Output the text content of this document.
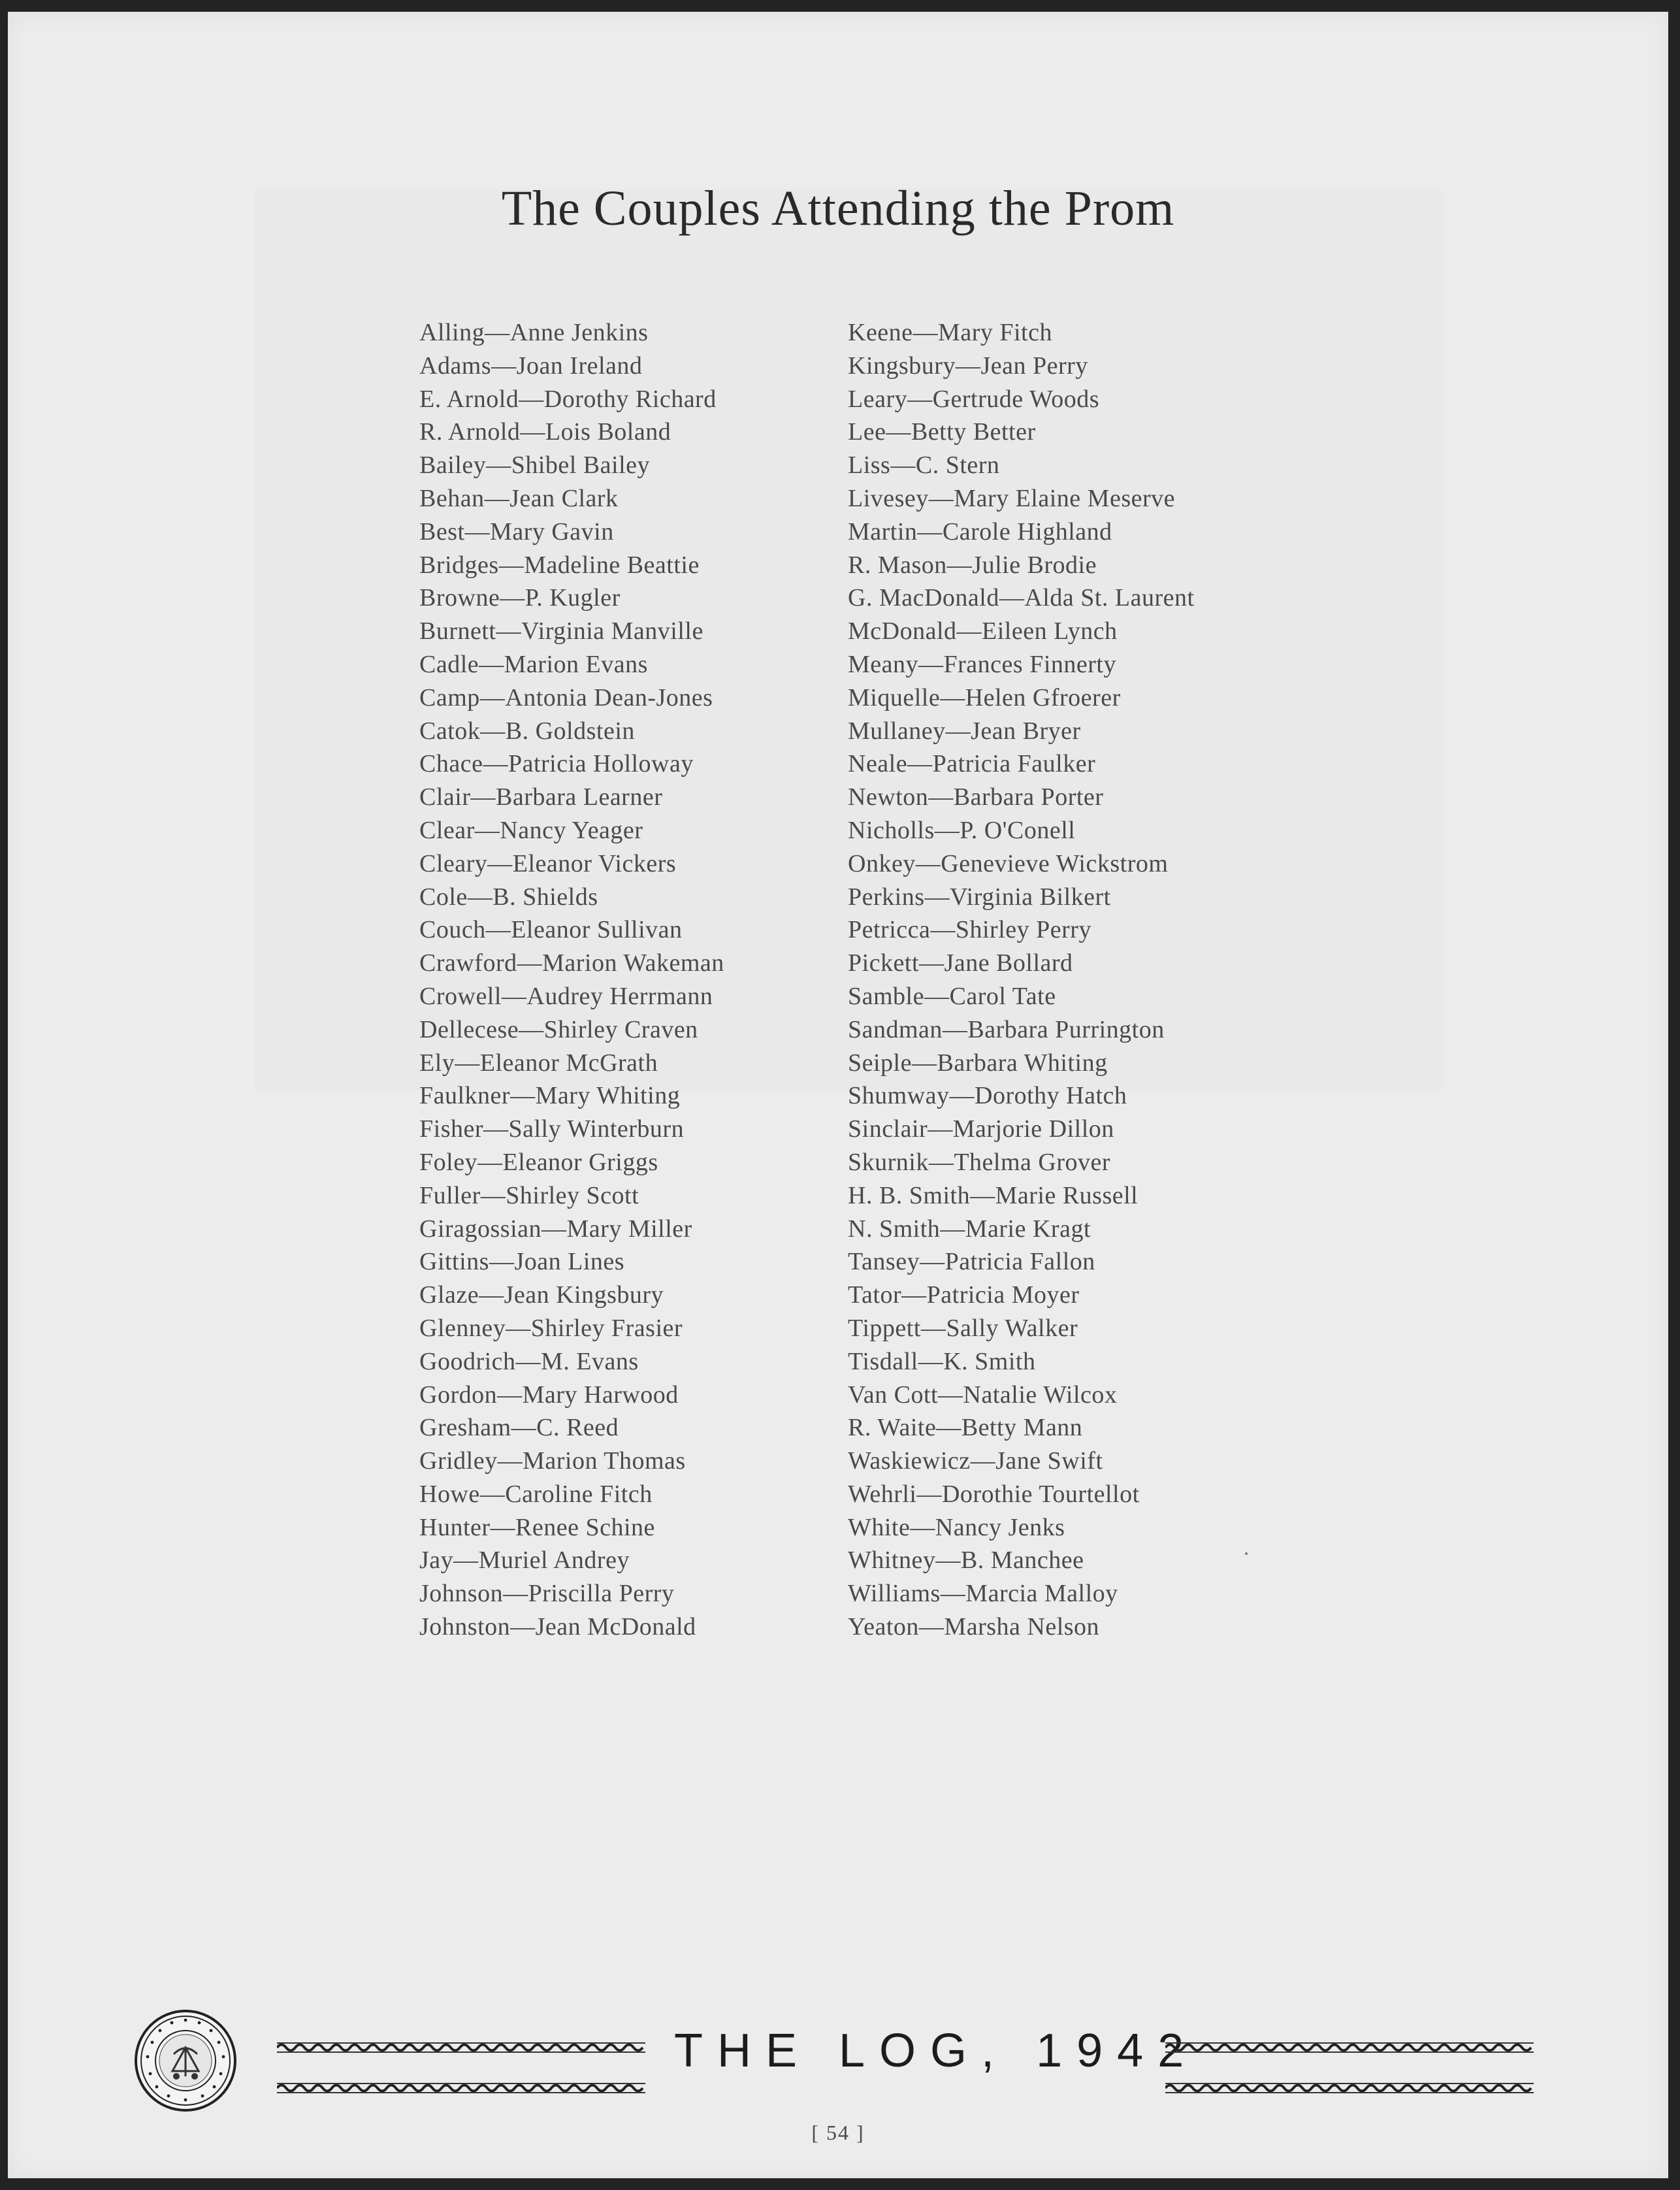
The Couples Attending the Prom
Alling—Anne Jenkins
Adams—Joan Ireland
E. Arnold—Dorothy Richard
R. Arnold—Lois Boland
Bailey—Shibel Bailey
Behan—Jean Clark
Best—Mary Gavin
Bridges—Madeline Beattie
Browne—P. Kugler
Burnett—Virginia Manville
Cadle—Marion Evans
Camp—Antonia Dean-Jones
Catok—B. Goldstein
Chace—Patricia Holloway
Clair—Barbara Learner
Clear—Nancy Yeager
Cleary—Eleanor Vickers
Cole—B. Shields
Couch—Eleanor Sullivan
Crawford—Marion Wakeman
Crowell—Audrey Herrmann
Dellecese—Shirley Craven
Ely—Eleanor McGrath
Faulkner—Mary Whiting
Fisher—Sally Winterburn
Foley—Eleanor Griggs
Fuller—Shirley Scott
Giragossian—Mary Miller
Gittins—Joan Lines
Glaze—Jean Kingsbury
Glenney—Shirley Frasier
Goodrich—M. Evans
Gordon—Mary Harwood
Gresham—C. Reed
Gridley—Marion Thomas
Howe—Caroline Fitch
Hunter—Renee Schine
Jay—Muriel Andrey
Johnson—Priscilla Perry
Johnston—Jean McDonald
Keene—Mary Fitch
Kingsbury—Jean Perry
Leary—Gertrude Woods
Lee—Betty Better
Liss—C. Stern
Livesey—Mary Elaine Meserve
Martin—Carole Highland
R. Mason—Julie Brodie
G. MacDonald—Alda St. Laurent
McDonald—Eileen Lynch
Meany—Frances Finnerty
Miquelle—Helen Gfroerer
Mullaney—Jean Bryer
Neale—Patricia Faulker
Newton—Barbara Porter
Nicholls—P. O'Conell
Onkey—Genevieve Wickstrom
Perkins—Virginia Bilkert
Petricca—Shirley Perry
Pickett—Jane Bollard
Samble—Carol Tate
Sandman—Barbara Purrington
Seiple—Barbara Whiting
Shumway—Dorothy Hatch
Sinclair—Marjorie Dillon
Skurnik—Thelma Grover
H. B. Smith—Marie Russell
N. Smith—Marie Kragt
Tansey—Patricia Fallon
Tator—Patricia Moyer
Tippett—Sally Walker
Tisdall—K. Smith
Van Cott—Natalie Wilcox
R. Waite—Betty Mann
Waskiewicz—Jane Swift
Wehrli—Dorothie Tourtellot
White—Nancy Jenks
Whitney—B. Manchee
Williams—Marcia Malloy
Yeaton—Marsha Nelson
THE LOG, 1942
[ 54 ]
